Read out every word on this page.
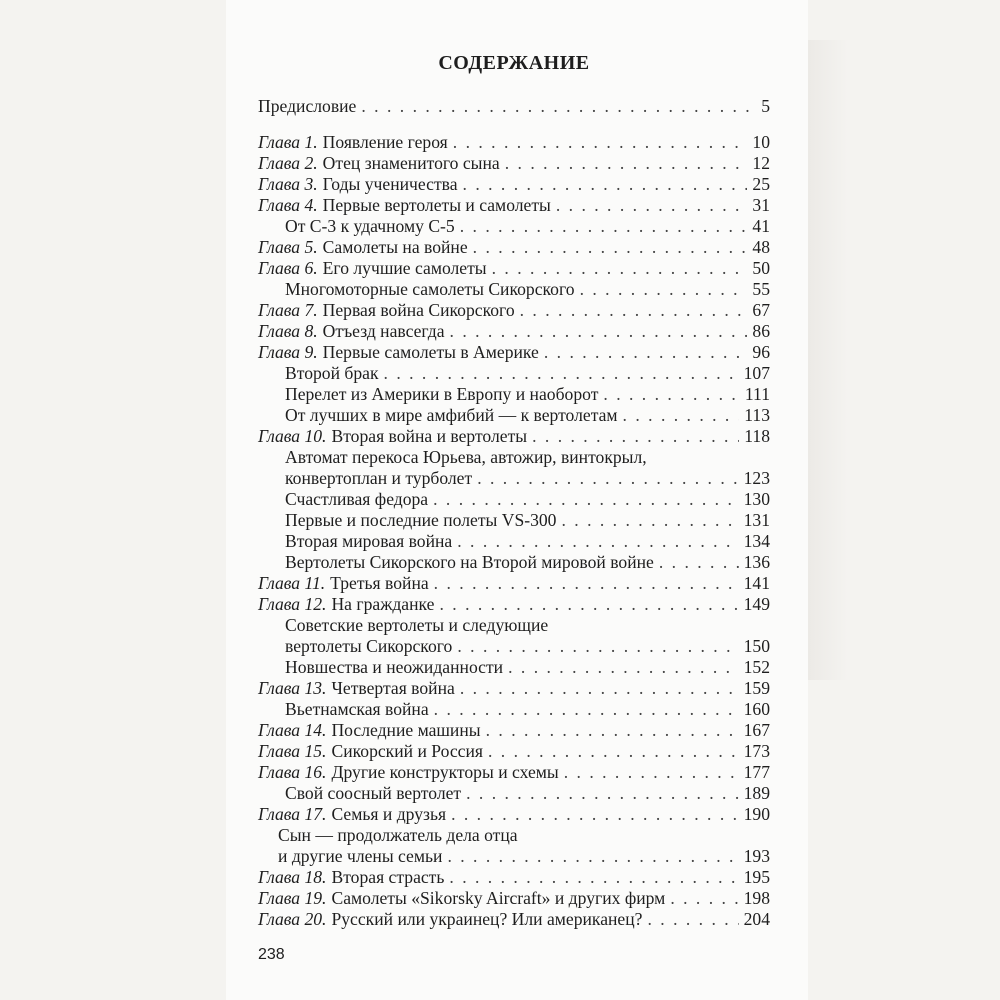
СОДЕРЖАНИЕ
Предисловие . . .	5
Глава 1. Появление героя . . .	10
Глава 2. Отец знаменитого сына . . .	12
Глава 3. Годы ученичества . . .	25
Глава 4. Первые вертолеты и самолеты . . .	31
От С-3 к удачному С-5 . . .	41
Глава 5. Самолеты на войне . . .	48
Глава 6. Его лучшие самолеты . . .	50
Многомоторные самолеты Сикорского . . .	55
Глава 7. Первая война Сикорского . . .	67
Глава 8. Отъезд навсегда . . .	86
Глава 9. Первые самолеты в Америке . . .	96
Второй брак . . .	107
Перелет из Америки в Европу и наоборот . . .	111
От лучших в мире амфибий — к вертолетам . . .	113
Глава 10. Вторая война и вертолеты . . .	118
Автомат перекоса Юрьева, автожир, винтокрыл,
конвертоплан и турболет . . .	123
Счастливая федора . . .	130
Первые и последние полеты VS-300 . . .	131
Вторая мировая война . . .	134
Вертолеты Сикорского на Второй мировой войне . . .	136
Глава 11. Третья война . . .	141
Глава 12. На гражданке . . .	149
Советские вертолеты и следующие
вертолеты Сикорского . . .	150
Новшества и неожиданности . . .	152
Глава 13. Четвертая война . . .	159
Вьетнамская война . . .	160
Глава 14. Последние машины . . .	167
Глава 15. Сикорский и Россия . . .	173
Глава 16. Другие конструкторы и схемы . . .	177
Свой соосный вертолет . . .	189
Глава 17. Семья и друзья . . .	190
Сын — продолжатель дела отца
и другие члены семьи . . .	193
Глава 18. Вторая страсть . . .	195
Глава 19. Самолеты «Sikorsky Aircraft» и других фирм . . .	198
Глава 20. Русский или украинец? Или американец? . . .	204
238
